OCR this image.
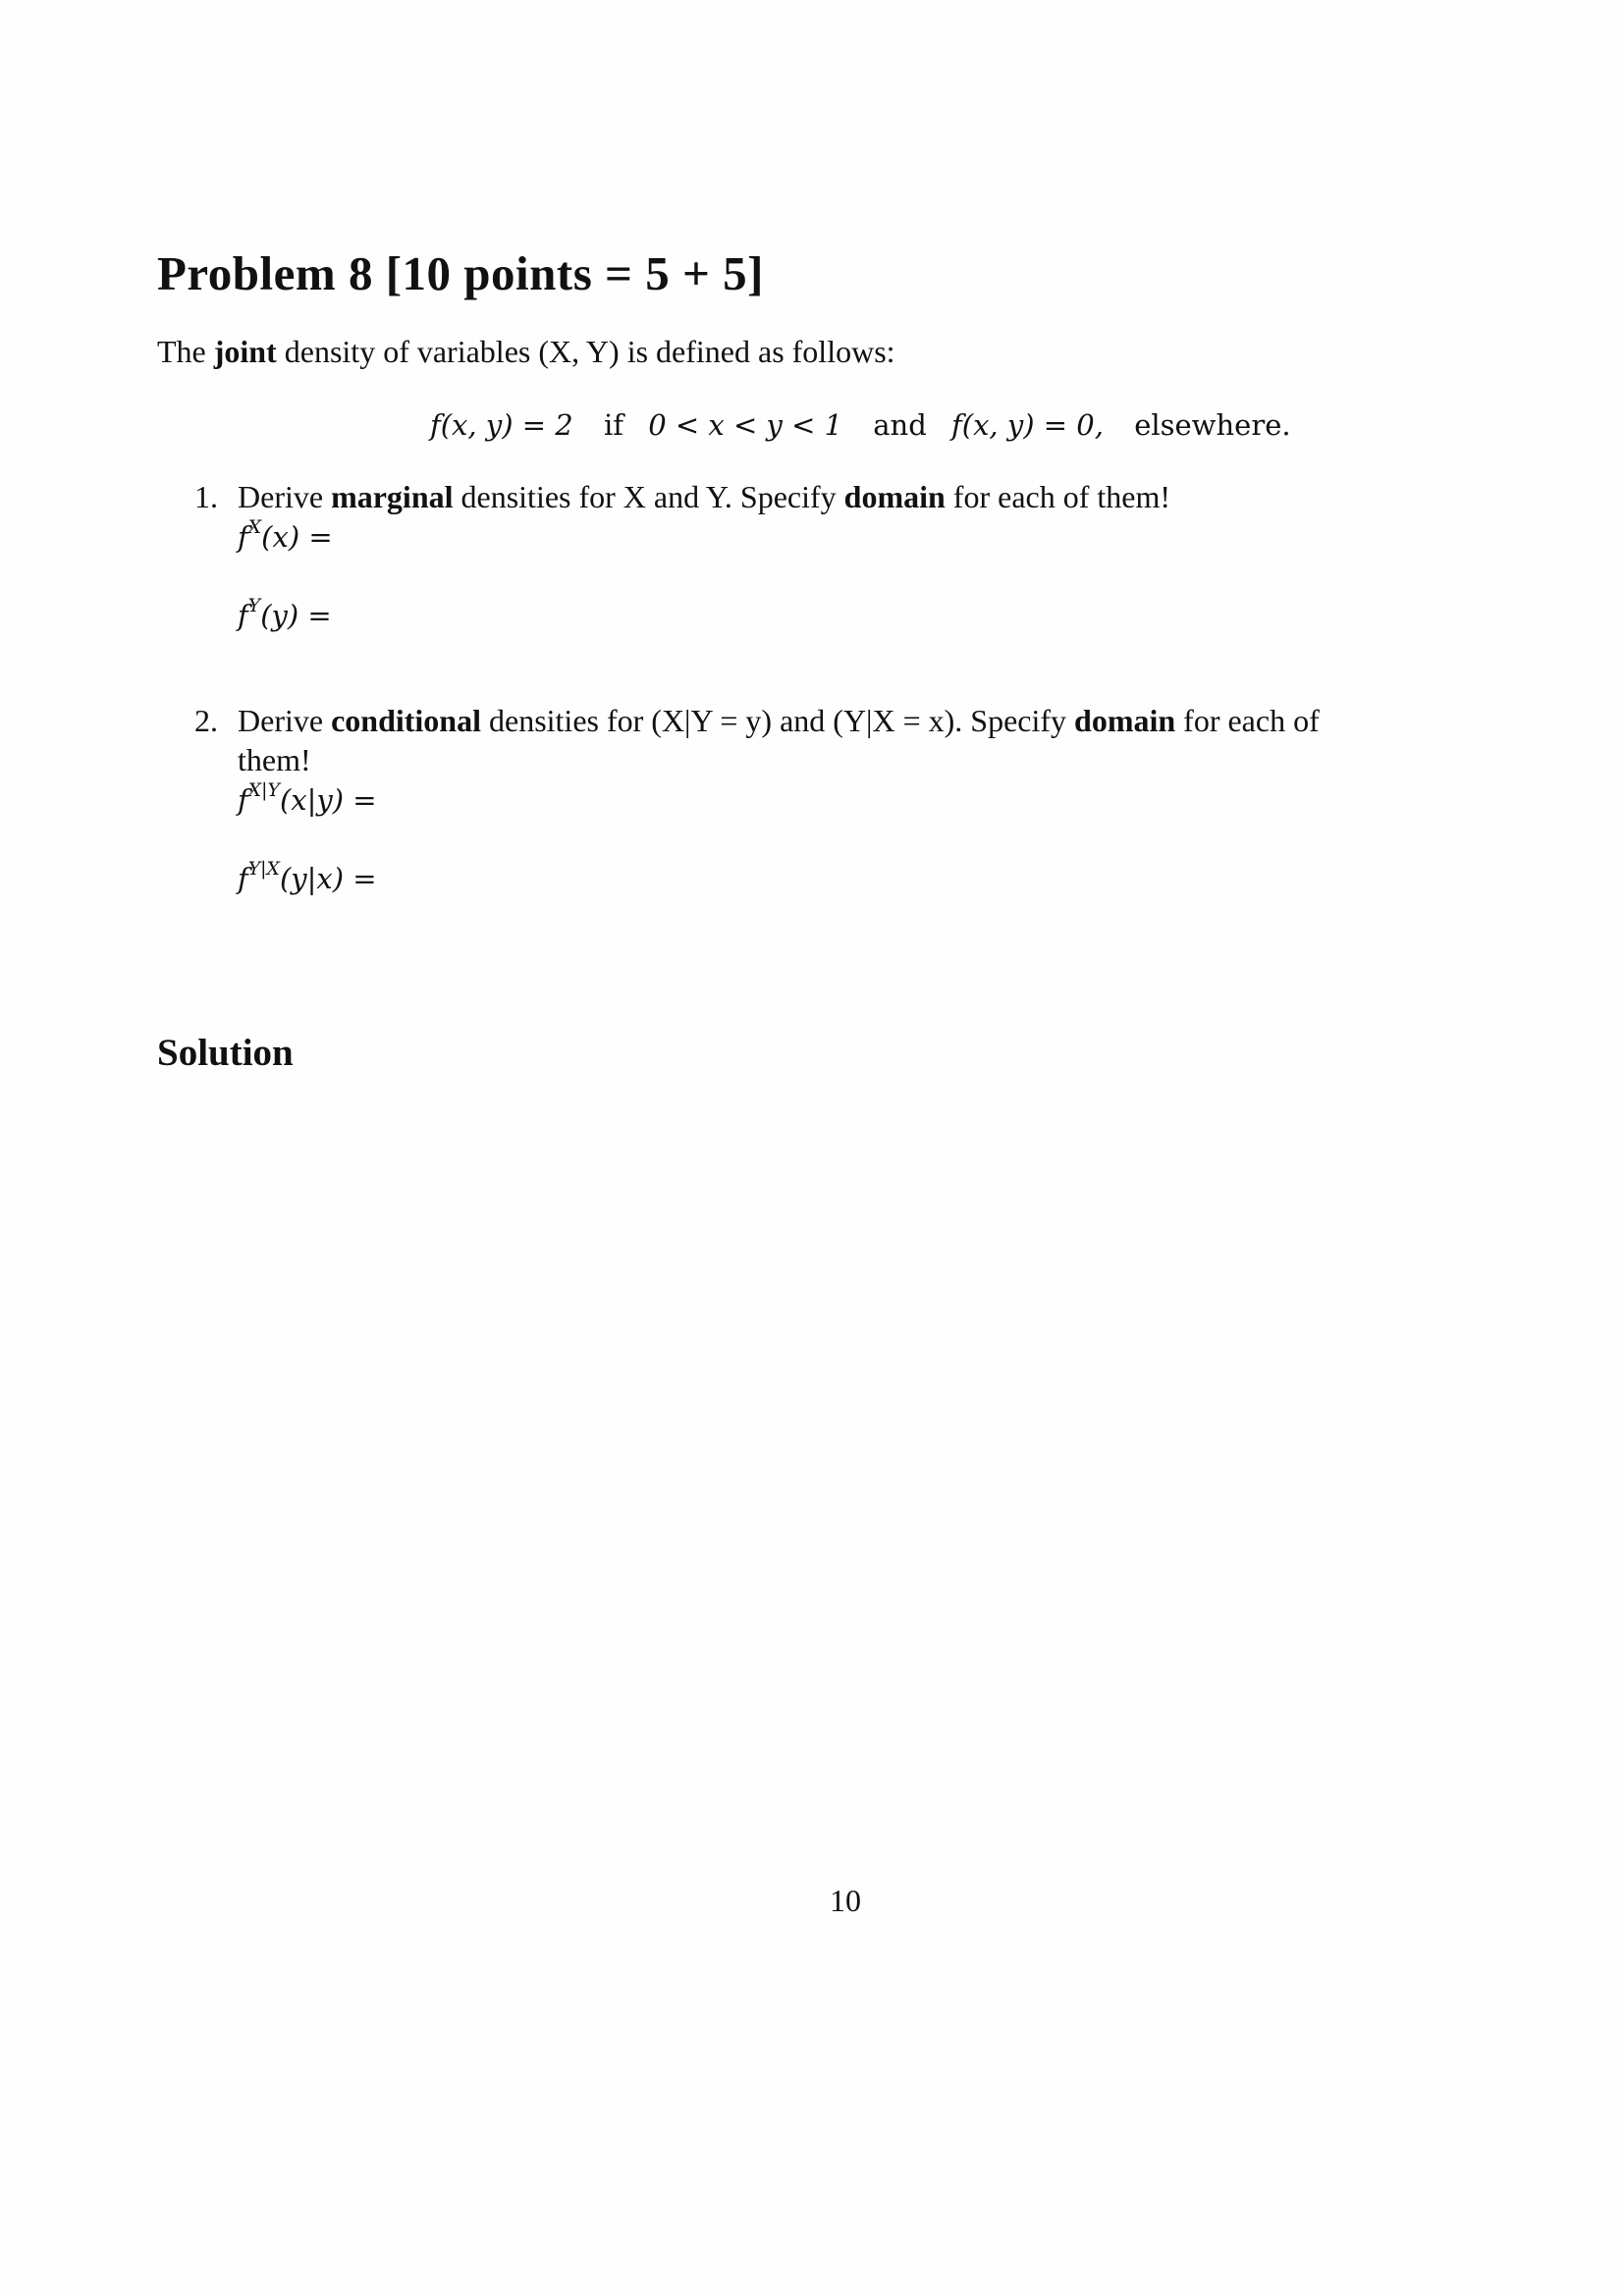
Problem 8 [10 points = 5 + 5]
The joint density of variables (X, Y) is defined as follows:
f(x, y) = 2 if 0 < x < y < 1 and f(x, y) = 0, elsewhere.
1. Derive marginal densities for X and Y. Specify domain for each of them!
$f^X(x)$ =
$f^Y(y)$ =
2. Derive conditional densities for (X|Y = y) and (Y|X = x). Specify domain for each of
them!
$f^{X|Y}(x|y)$ =
$f^{Y|X}(y|x)$ =
Solution
10
